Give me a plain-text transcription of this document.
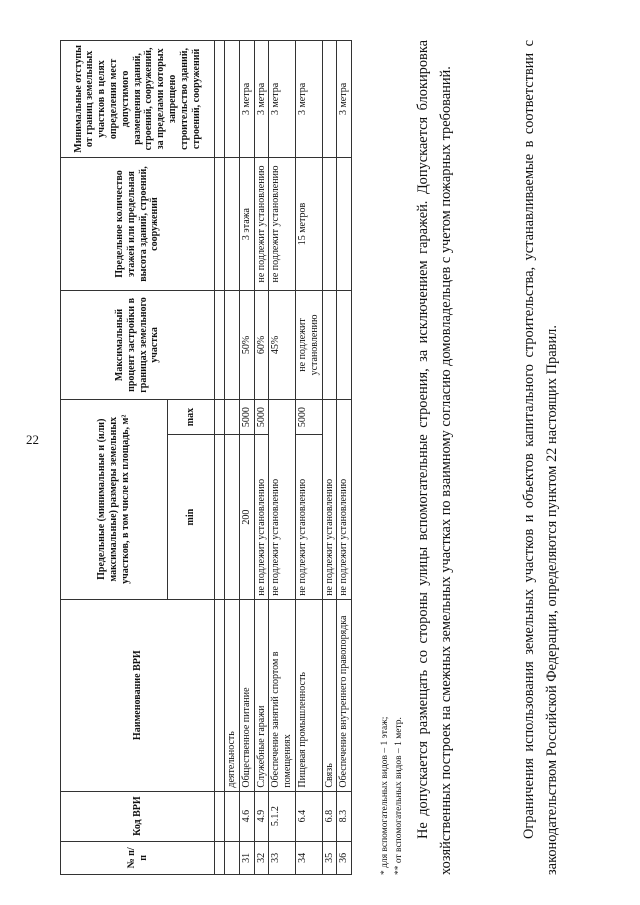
22
№ п/п	Код ВРИ	Наименование ВРИ	Предельные (минимальные и (или) максимальные) размеры земельных участков, в том числе их площадь, м²		Максимальный процент застройки в границах земельного участка	Предельное количество этажей или предельная высота зданий, строений, сооружений	Минимальные отступы от границ земельных участков в целях определения мест допустимого размещения зданий, строений, сооружений, за пределами которых запрещено строительство зданий, строений, сооружений
			min	max			

		деятельность					
31	4.6	Общественное питание	200	5000	50%	3 этажа	3 метра
32	4.9	Служебные гаражи	не подлежит установлению	5000	60%	не подлежит установлению	3 метра
33	5.1.2	Обеспечение занятий спортом в помещениях	не подлежит установлению		45%	не подлежит установлению	3 метра
34	6.4	Пищевая промышленность	не подлежит установлению	5000	не подлежит установлению	15 метров	3 метра
35	6.8	Связь	не подлежит установлению				
36	8.3	Обеспечение внутреннего правопорядка	не подлежит установлению				3 метра
* для вспомогательных видов – 1 этаж; ** от вспомогательных видов – 1 метр. Не допускается размещать со стороны улицы вспомогательные строения, за исключением гаражей. Допускается блокировка хозяйственных построек на смежных земельных участках по взаимному согласию домовладельцев с учетом пожарных требований.	Ограничения использования земельных участков и объектов капитального строительства, устанавливаемые в соответствии с законодательством Российской Федерации, определяются пунктом 22 настоящих Правил.
